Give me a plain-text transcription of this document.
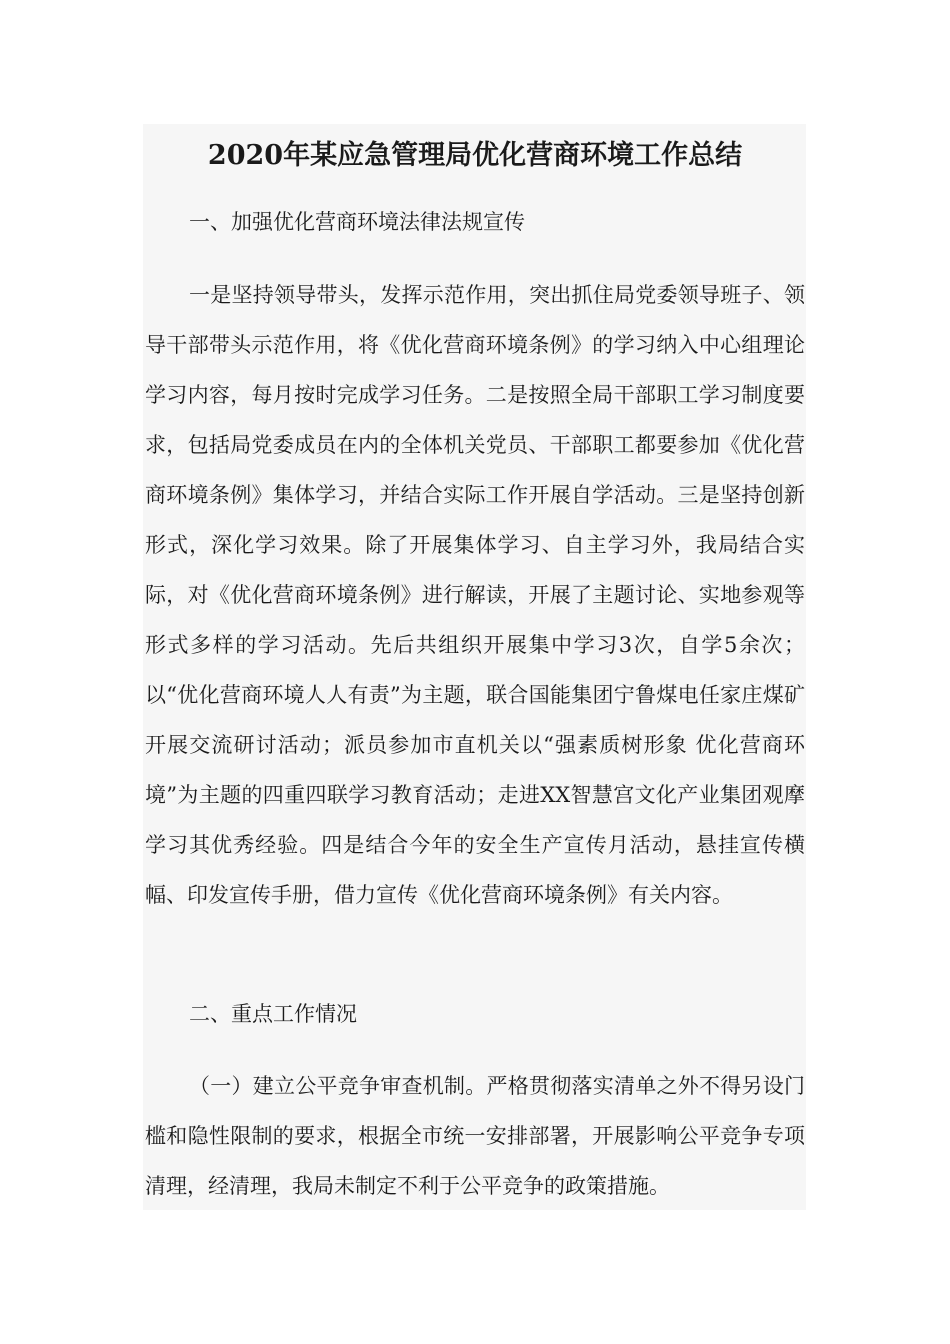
2020年某应急管理局优化营商环境工作总结

一、加强优化营商环境法律法规宣传

一是坚持领导带头，发挥示范作用，突出抓住局党委领导班子、领导干部带头示范作用，将《优化营商环境条例》的学习纳入中心组理论学习内容，每月按时完成学习任务。二是按照全局干部职工学习制度要求，包括局党委成员在内的全体机关党员、干部职工都要参加《优化营商环境条例》集体学习，并结合实际工作开展自学活动。三是坚持创新形式，深化学习效果。除了开展集体学习、自主学习外，我局结合实际，对《优化营商环境条例》进行解读，开展了主题讨论、实地参观等形式多样的学习活动。先后共组织开展集中学习3次，自学5余次；以“优化营商环境人人有责”为主题，联合国能集团宁鲁煤电任家庄煤矿开展交流研讨活动；派员参加市直机关以“强素质树形象 优化营商环境”为主题的四重四联学习教育活动；走进XX智慧宫文化产业集团观摩学习其优秀经验。四是结合今年的安全生产宣传月活动，悬挂宣传横幅、印发宣传手册，借力宣传《优化营商环境条例》有关内容。

二、重点工作情况

（一）建立公平竞争审查机制。严格贯彻落实清单之外不得另设门槛和隐性限制的要求，根据全市统一安排部署，开展影响公平竞争专项清理，经清理，我局未制定不利于公平竞争的政策措施。
